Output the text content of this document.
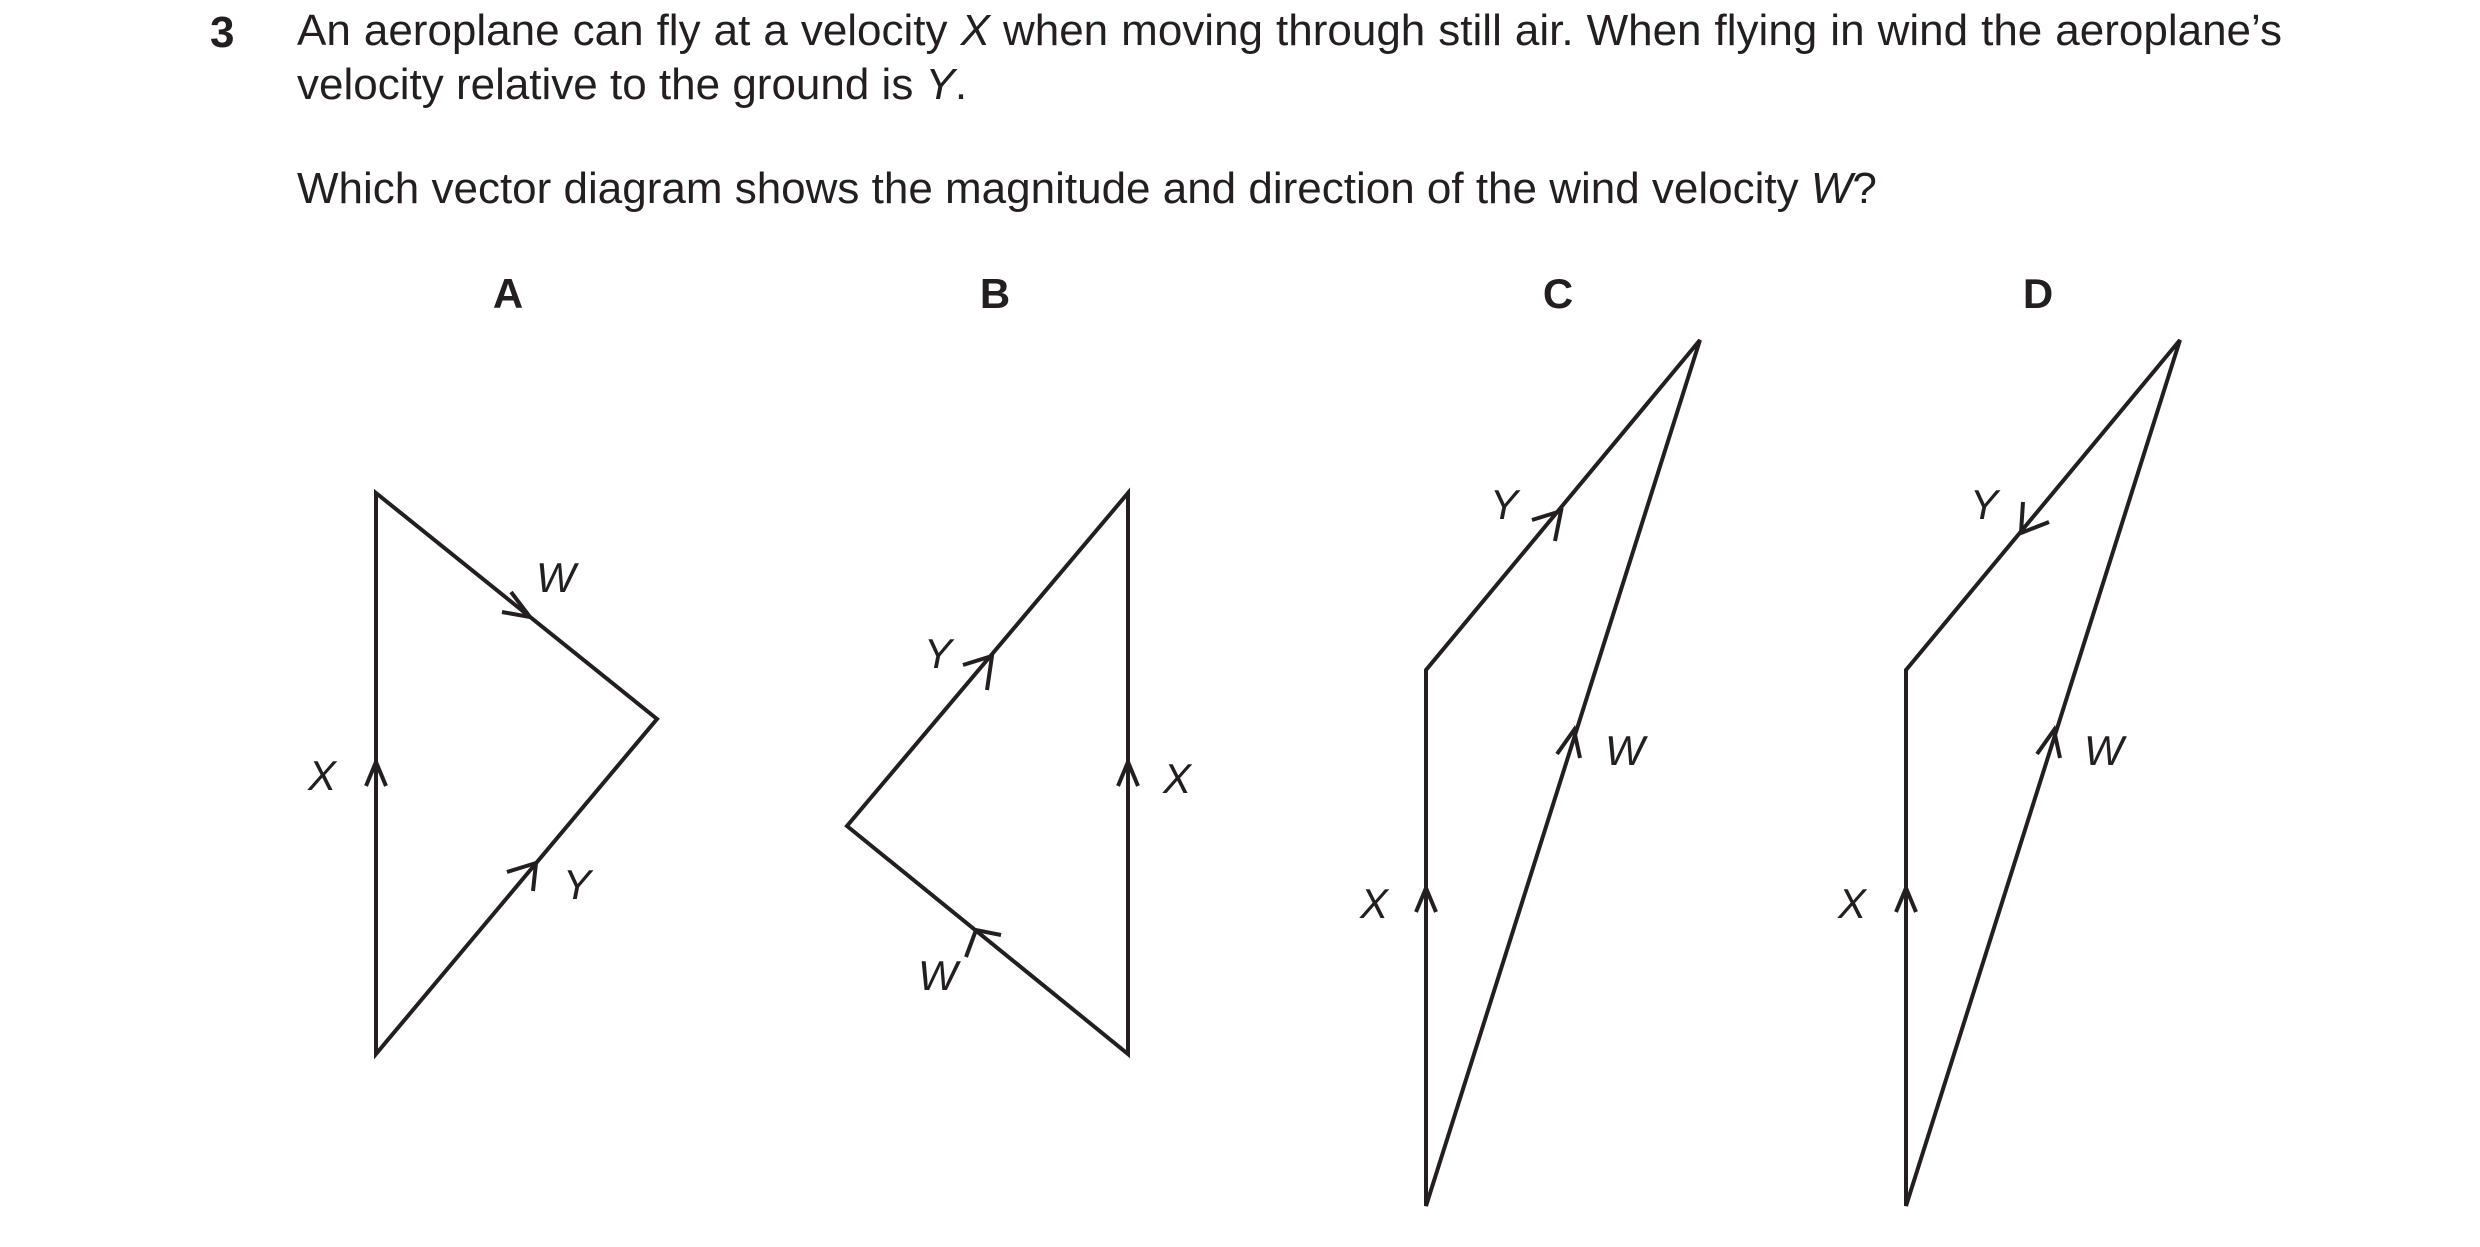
3 An aeroplane can fly at a velocity X when moving through still air. When flying in wind the aeroplane’s velocity relative to the ground is Y.

Which vector diagram shows the magnitude and direction of the wind velocity W?

A	B	C	D
X
Y
W
X
Y
W
X
Y
W
X
Y
W
